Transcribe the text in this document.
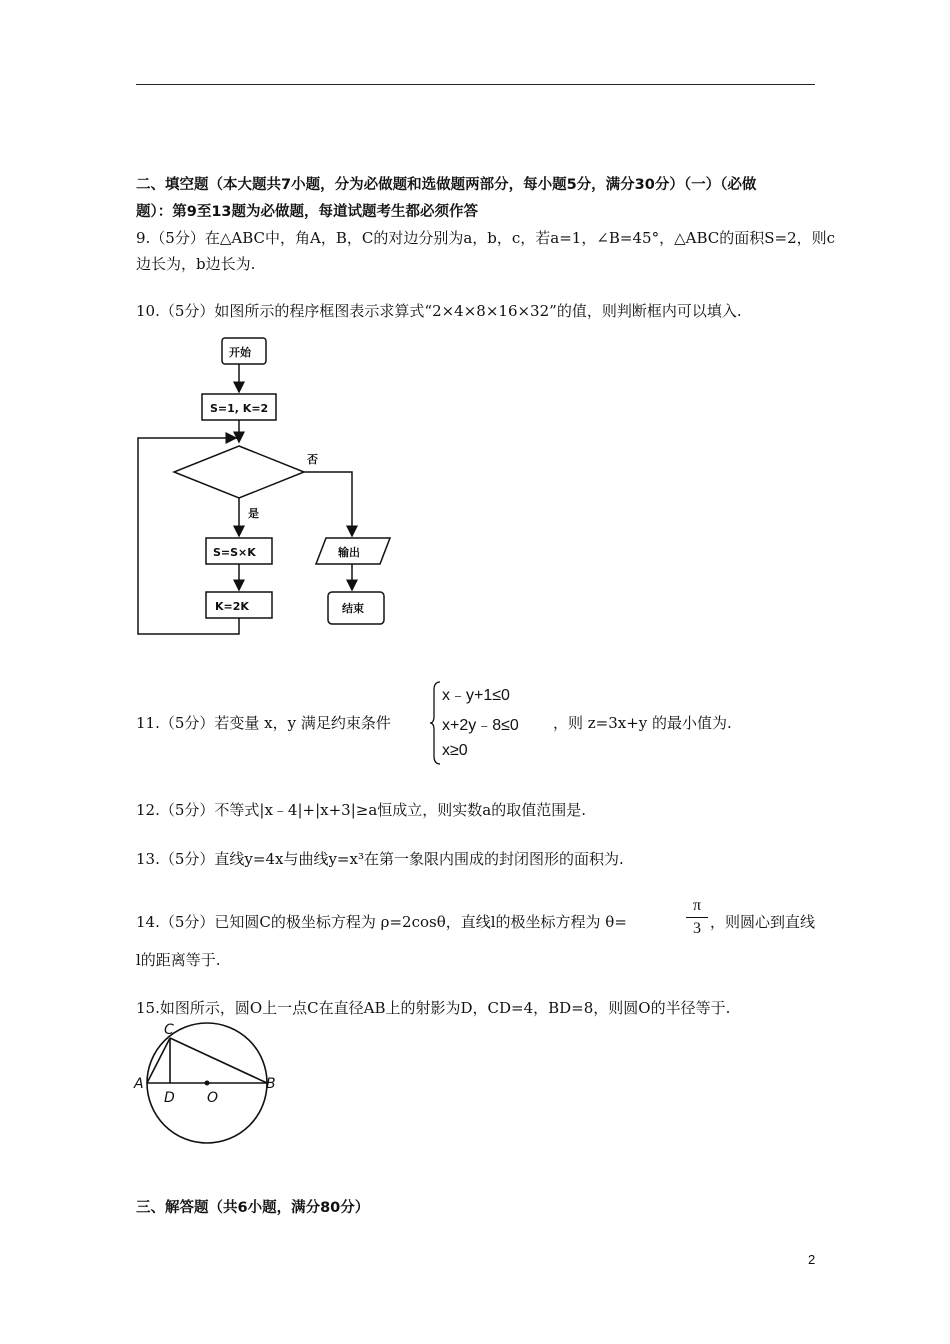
二、填空题（本大题共7小题，分为必做题和选做题两部分，每小题5分，满分30分）（一）（必做
题）：第9至13题为必做题，每道试题考生都必须作答
9.（5分）在△ABC中，角A，B，C的对边分别为a，b，c，若a=1，∠B=45°，△ABC的面积S=2，则c
边长为，b边长为.
10.（5分）如图所示的程序框图表示求算式“2×4×8×16×32”的值，则判断框内可以填入.
开始
S=1, K=2
否
是
S=S×K
K=2K
输出
结束
11.（5分）若变量 x，y 满足约束条件
x﹣y+1≤0
x+2y﹣8≤0
x≥0
，则 z=3x+y 的最小值为.
12.（5分）不等式|x﹣4|+|x+3|≥a恒成立，则实数a的取值范围是.
13.（5分）直线y=4x与曲线y=x³在第一象限内围成的封闭图形的面积为.
14.（5分）已知圆C的极坐标方程为 ρ=2cosθ，直线l的极坐标方程为 θ=
π
3 ，则圆心到直线
l的距离等于.
15.如图所示，圆O上一点C在直径AB上的射影为D，CD=4，BD=8，则圆O的半径等于.
C
A	B
D O
三、解答题（共6小题，满分80分）
2
